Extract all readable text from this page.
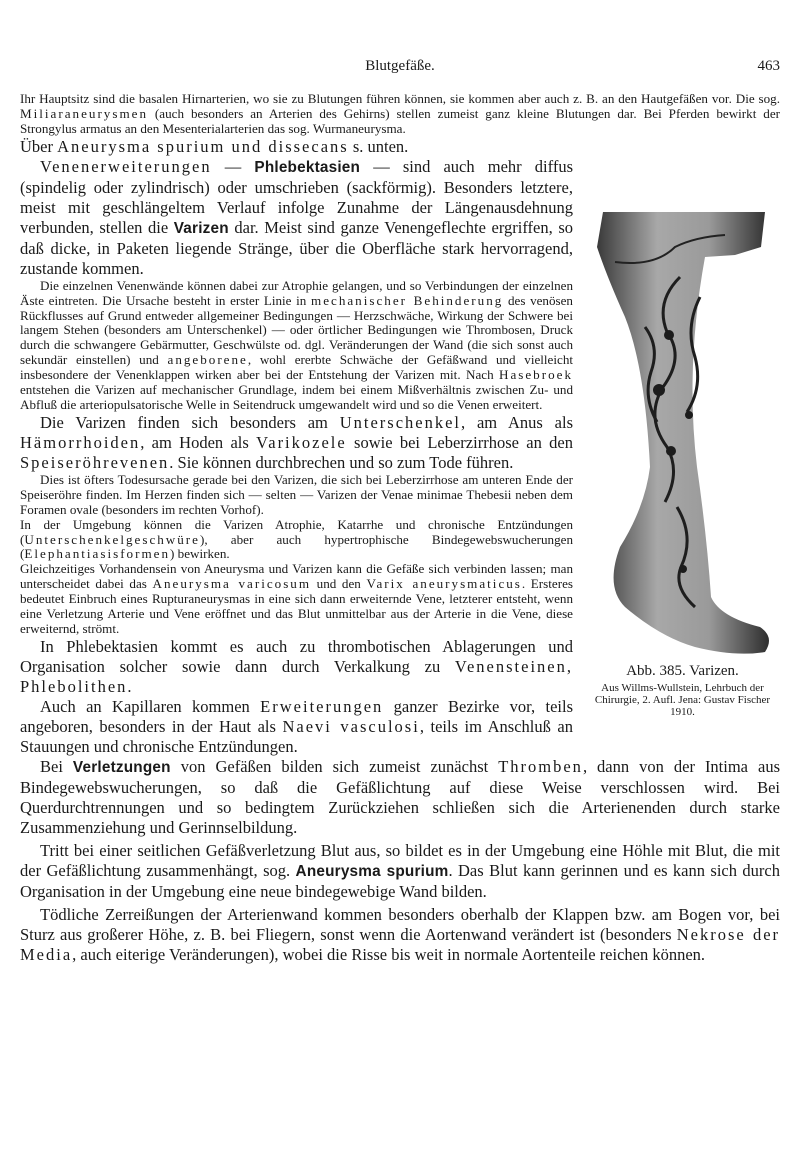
Blutgefäße.	463

Ihr Hauptsitz sind die basalen Hirnarterien, wo sie zu Blutungen führen können, sie kommen aber auch z. B. an den Hautgefäßen vor. Die sog. Miliaraneurysmen (auch besonders an Arterien des Gehirns) stellen zumeist ganz kleine Blutungen dar. Bei Pferden bewirkt der Strongylus armatus an den Mesenterialarterien das sog. Wurmaneurysma.

Über Aneurysma spurium und dissecans s. unten.

Abb. 385. Varizen.
Aus Willms-Wullstein, Lehrbuch der Chirurgie, 2. Aufl. Jena: Gustav Fischer 1910.

Venenerweiterungen — Phlebektasien — sind auch mehr diffus (spindelig oder zylindrisch) oder umschrieben (sackförmig). Besonders letztere, meist mit geschlängeltem Verlauf infolge Zunahme der Längenausdehnung verbunden, stellen die Varizen dar. Meist sind ganze Venengeflechte ergriffen, so daß dicke, in Paketen liegende Stränge, über die Oberfläche stark hervorragend, zustande kommen.

Die einzelnen Venenwände können dabei zur Atrophie gelangen, und so Verbindungen der einzelnen Äste eintreten. Die Ursache besteht in erster Linie in mechanischer Behinderung des venösen Rückflusses auf Grund entweder allgemeiner Bedingungen — Herzschwäche, Wirkung der Schwere bei langem Stehen (besonders am Unterschenkel) — oder örtlicher Bedingungen wie Thrombosen, Druck durch die schwangere Gebärmutter, Geschwülste od. dgl. Veränderungen der Wand (die sich sonst auch sekundär einstellen) und angeborene, wohl ererbte Schwäche der Gefäßwand und vielleicht insbesondere der Venenklappen wirken aber bei der Entstehung der Varizen mit. Nach Hasebroek entstehen die Varizen auf mechanischer Grundlage, indem bei einem Mißverhältnis zwischen Zu- und Abfluß die arteriopulsatorische Welle in Seitendruck umgewandelt wird und so die Venen erweitert.

Die Varizen finden sich besonders am Unterschenkel, am Anus als Hämorrhoiden, am Hoden als Varikozele sowie bei Leberzirrhose an den Speiseröhrevenen. Sie können durchbrechen und so zum Tode führen.

Dies ist öfters Todesursache gerade bei den Varizen, die sich bei Leberzirrhose am unteren Ende der Speiseröhre finden. Im Herzen finden sich — selten — Varizen der Venae minimae Thebesii neben dem Foramen ovale (besonders im rechten Vorhof).

In der Umgebung können die Varizen Atrophie, Katarrhe und chronische Entzündungen (Unterschenkelgeschwüre), aber auch hypertrophische Bindegewebswucherungen (Elephantiasisformen) bewirken.

Gleichzeitiges Vorhandensein von Aneurysma und Varizen kann die Gefäße sich verbinden lassen; man unterscheidet dabei das Aneurysma varicosum und den Varix aneurysmaticus. Ersteres bedeutet Einbruch eines Rupturaneurysmas in eine sich dann erweiternde Vene, letzterer entsteht, wenn eine Verletzung Arterie und Vene eröffnet und das Blut unmittelbar aus der Arterie in die Vene, diese erweiternd, strömt.

In Phlebektasien kommt es auch zu thrombotischen Ablagerungen und Organisation solcher sowie dann durch Verkalkung zu Venensteinen, Phlebolithen.

Auch an Kapillaren kommen Erweiterungen ganzer Bezirke vor, teils angeboren, besonders in der Haut als Naevi vasculosi, teils im Anschluß an Stauungen und chronische Entzündungen.

Bei Verletzungen von Gefäßen bilden sich zumeist zunächst Thromben, dann von der Intima aus Bindegewebswucherungen, so daß die Gefäßlichtung auf diese Weise verschlossen wird. Bei Querdurchtrennungen und so bedingtem Zurückziehen schließen sich die Arterienenden durch starke Zusammenziehung und Gerinnselbildung.

Tritt bei einer seitlichen Gefäßverletzung Blut aus, so bildet es in der Umgebung eine Höhle mit Blut, die mit der Gefäßlichtung zusammenhängt, sog. Aneurysma spurium. Das Blut kann gerinnen und es kann sich durch Organisation in der Umgebung eine neue bindegewebige Wand bilden.

Tödliche Zerreißungen der Arterienwand kommen besonders oberhalb der Klappen bzw. am Bogen vor, bei Sturz aus großerer Höhe, z. B. bei Fliegern, sonst wenn die Aortenwand verändert ist (besonders Nekrose der Media, auch eiterige Veränderungen), wobei die Risse bis weit in normale Aortenteile reichen können.
